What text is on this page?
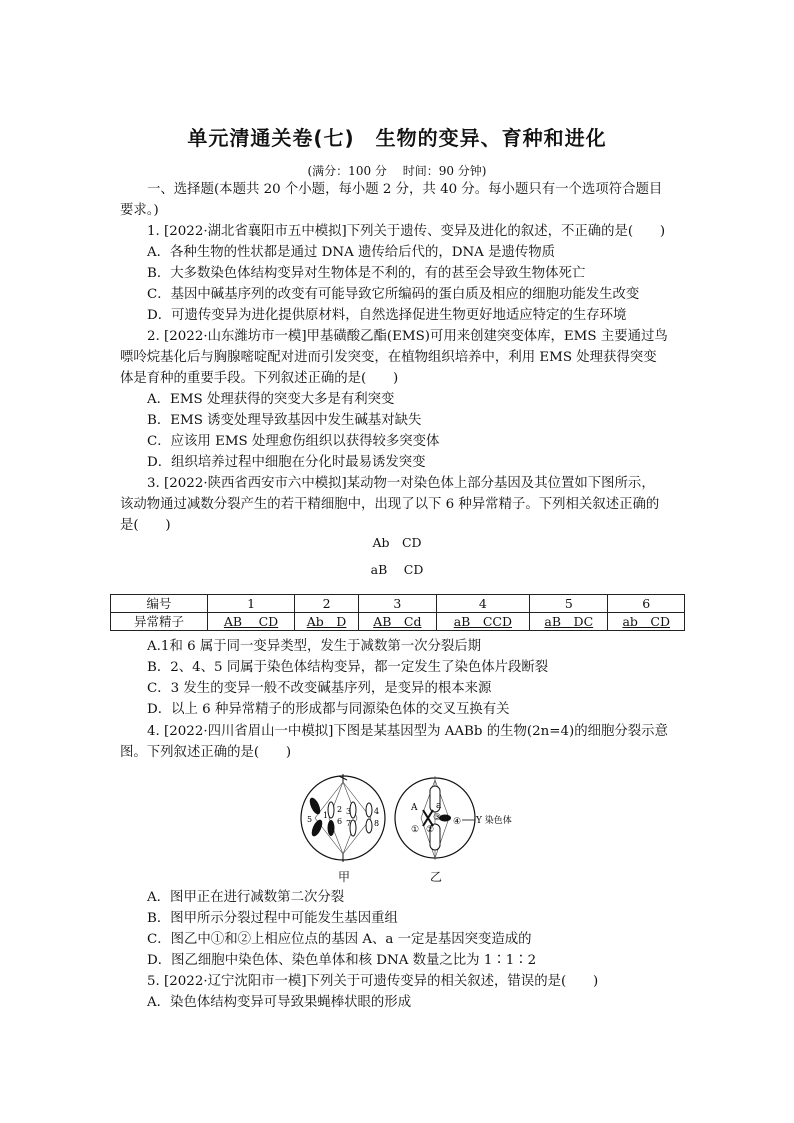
单元清通关卷(七)　生物的变异、育种和进化
(满分：100 分　 时间：90 分钟)
一、选择题(本题共 20 个小题，每小题 2 分，共 40 分。每小题只有一个选项符合题目
要求。)
1. [2022·湖北省襄阳市五中模拟]下列关于遗传、变异及进化的叙述，不正确的是(　　)
A．各种生物的性状都是通过 DNA 遗传给后代的，DNA 是遗传物质
B．大多数染色体结构变异对生物体是不利的，有的甚至会导致生物体死亡
C．基因中碱基序列的改变有可能导致它所编码的蛋白质及相应的细胞功能发生改变
D．可遗传变异为进化提供原材料，自然选择促进生物更好地适应特定的生存环境
2. [2022·山东潍坊市一模]甲基磺酸乙酯(EMS)可用来创建突变体库，EMS 主要通过鸟
嘌呤烷基化后与胸腺嘧啶配对进而引发突变，在植物组织培养中，利用 EMS 处理获得突变
体是育种的重要手段。下列叙述正确的是(　　)
A．EMS 处理获得的突变大多是有利突变
B．EMS 诱变处理导致基因中发生碱基对缺失
C．应该用 EMS 处理愈伤组织以获得较多突变体
D．组织培养过程中细胞在分化时最易诱发突变
3. [2022·陕西省西安市六中模拟]某动物一对染色体上部分基因及其位置如下图所示，
该动物通过减数分裂产生的若干精细胞中，出现了以下 6 种异常精子。下列相关叙述正确的
是(　　)
Ab　CD
aB　 CD
编号	1	2	3	4	5	6
异常精子	AB　 CD	Ab　D	AB　Cd	aB　CCD	aB　DC	ab　CD
A.1和 6 属于同一变异类型，发生于减数第一次分裂后期
B．2、4、5 同属于染色体结构变异，都一定发生了染色体片段断裂
C．3 发生的变异一般不改变碱基序列，是变异的根本来源
D．以上 6 种异常精子的形成都与同源染色体的交叉互换有关
4. [2022·四川省眉山一中模拟]下图是某基因型为 AABb 的生物(2n=4)的细胞分裂示意
图。下列叙述正确的是(　　)
5
2
6
1 3
7
4
8
A a
① ②
③ ④ Y 染色体
甲	乙
A．图甲正在进行减数第二次分裂
B．图甲所示分裂过程中可能发生基因重组
C．图乙中①和②上相应位点的基因 A、a 一定是基因突变造成的
D．图乙细胞中染色体、染色单体和核 DNA 数量之比为 1∶1∶2
5. [2022·辽宁沈阳市一模]下列关于可遗传变异的相关叙述，错误的是(　　)
A．染色体结构变异可导致果蝇棒状眼的形成
